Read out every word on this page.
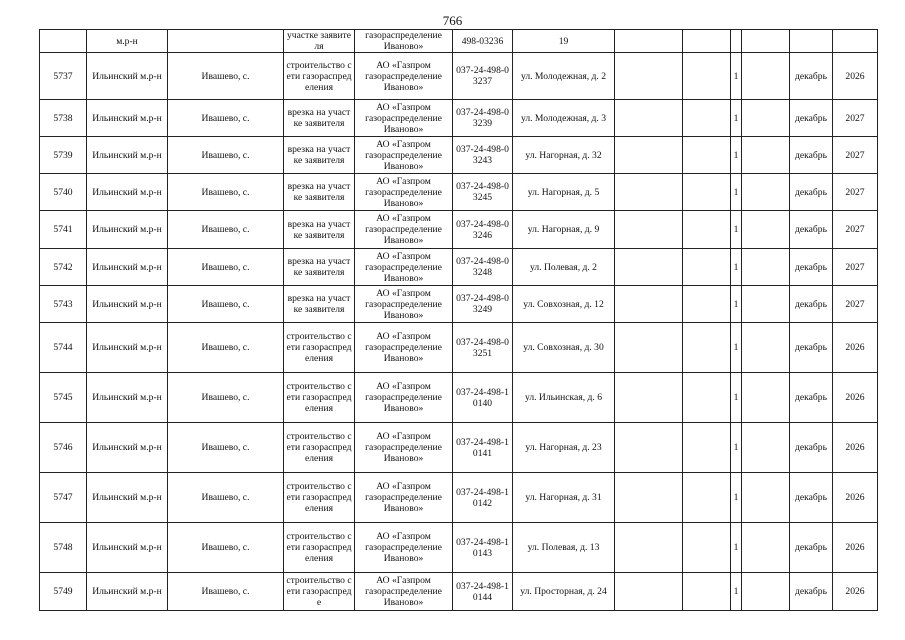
766
	м.р-н		участке заявителя	газораспределение Иваново»	498-03236	19						
5737	Ильинский м.р-н	Ивашево, с.	строительство сети газораспределения	АО «Газпром газораспределение Иваново»	037-24-498-03237	ул. Молодежная, д. 2			1		декабрь	2026
5738	Ильинский м.р-н	Ивашево, с.	врезка на участке заявителя	АО «Газпром газораспределение Иваново»	037-24-498-03239	ул. Молодежная, д. 3			1		декабрь	2027
5739	Ильинский м.р-н	Ивашево, с.	врезка на участке заявителя	АО «Газпром газораспределение Иваново»	037-24-498-03243	ул. Нагорная, д. 32			1		декабрь	2027
5740	Ильинский м.р-н	Ивашево, с.	врезка на участке заявителя	АО «Газпром газораспределение Иваново»	037-24-498-03245	ул. Нагорная, д. 5			1		декабрь	2027
5741	Ильинский м.р-н	Ивашево, с.	врезка на участке заявителя	АО «Газпром газораспределение Иваново»	037-24-498-03246	ул. Нагорная, д. 9			1		декабрь	2027
5742	Ильинский м.р-н	Ивашево, с.	врезка на участке заявителя	АО «Газпром газораспределение Иваново»	037-24-498-03248	ул. Полевая, д. 2			1		декабрь	2027
5743	Ильинский м.р-н	Ивашево, с.	врезка на участке заявителя	АО «Газпром газораспределение Иваново»	037-24-498-03249	ул. Совхозная, д. 12			1		декабрь	2027
5744	Ильинский м.р-н	Ивашево, с.	строительство сети газораспределения	АО «Газпром газораспределение Иваново»	037-24-498-03251	ул. Совхозная, д. 30			1		декабрь	2026
5745	Ильинский м.р-н	Ивашево, с.	строительство сети газораспределения	АО «Газпром газораспределение Иваново»	037-24-498-10140	ул. Ильинская, д. 6			1		декабрь	2026
5746	Ильинский м.р-н	Ивашево, с.	строительство сети газораспределения	АО «Газпром газораспределение Иваново»	037-24-498-10141	ул. Нагорная, д. 23			1		декабрь	2026
5747	Ильинский м.р-н	Ивашево, с.	строительство сети газораспределения	АО «Газпром газораспределение Иваново»	037-24-498-10142	ул. Нагорная, д. 31			1		декабрь	2026
5748	Ильинский м.р-н	Ивашево, с.	строительство сети газораспределения	АО «Газпром газораспределение Иваново»	037-24-498-10143	ул. Полевая, д. 13			1		декабрь	2026
5749	Ильинский м.р-н	Ивашево, с.	строительство сети газораспреде	АО «Газпром газораспределение Иваново»	037-24-498-10144	ул. Просторная, д. 24			1		декабрь	2026
